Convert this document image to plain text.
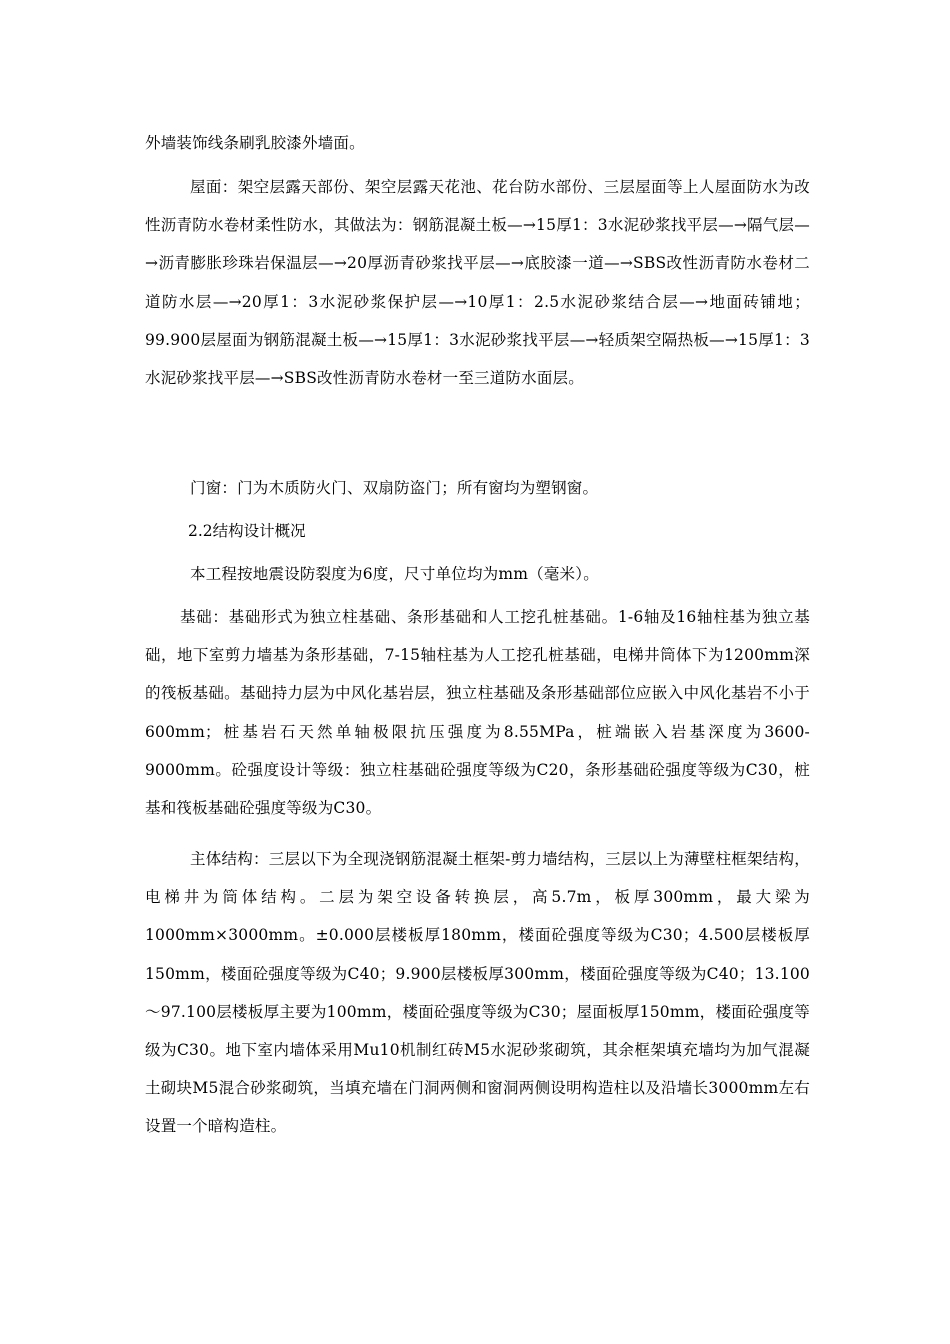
外墙装饰线条刷乳胶漆外墙面。

屋面：架空层露天部份、架空层露天花池、花台防水部份、三层屋面等上人屋面防水为改性沥青防水卷材柔性防水，其做法为：钢筋混凝土板—→15厚1：3水泥砂浆找平层—→隔气层—→沥青膨胀珍珠岩保温层—→20厚沥青砂浆找平层—→底胶漆一道—→SBS改性沥青防水卷材二道防水层—→20厚1：3水泥砂浆保护层—→10厚1：2.5水泥砂浆结合层—→地面砖铺地；99.900层屋面为钢筋混凝土板—→15厚1：3水泥砂浆找平层—→轻质架空隔热板—→15厚1：3水泥砂浆找平层—→SBS改性沥青防水卷材一至三道防水面层。

门窗：门为木质防火门、双扇防盗门；所有窗均为塑钢窗。

2.2结构设计概况

本工程按地震设防裂度为6度，尺寸单位均为mm（毫米）。

基础：基础形式为独立柱基础、条形基础和人工挖孔桩基础。1-6轴及16轴柱基为独立基础，地下室剪力墙基为条形基础，7-15轴柱基为人工挖孔桩基础，电梯井筒体下为1200mm深的筏板基础。基础持力层为中风化基岩层，独立柱基础及条形基础部位应嵌入中风化基岩不小于600mm；桩基岩石天然单轴极限抗压强度为8.55MPa，桩端嵌入岩基深度为3600-9000mm。砼强度设计等级：独立柱基础砼强度等级为C20，条形基础砼强度等级为C30，桩基和筏板基础砼强度等级为C30。

主体结构：三层以下为全现浇钢筋混凝土框架-剪力墙结构，三层以上为薄壁柱框架结构，电梯井为筒体结构。二层为架空设备转换层，高5.7m，板厚300mm，最大梁为1000mm×3000mm。±0.000层楼板厚180mm，楼面砼强度等级为C30；4.500层楼板厚150mm，楼面砼强度等级为C40；9.900层楼板厚300mm，楼面砼强度等级为C40；13.100～97.100层楼板厚主要为100mm，楼面砼强度等级为C30；屋面板厚150mm，楼面砼强度等级为C30。地下室内墙体采用Mu10机制红砖M5水泥砂浆砌筑，其余框架填充墙均为加气混凝土砌块M5混合砂浆砌筑，当填充墙在门洞两侧和窗洞两侧设明构造柱以及沿墙长3000mm左右设置一个暗构造柱。
